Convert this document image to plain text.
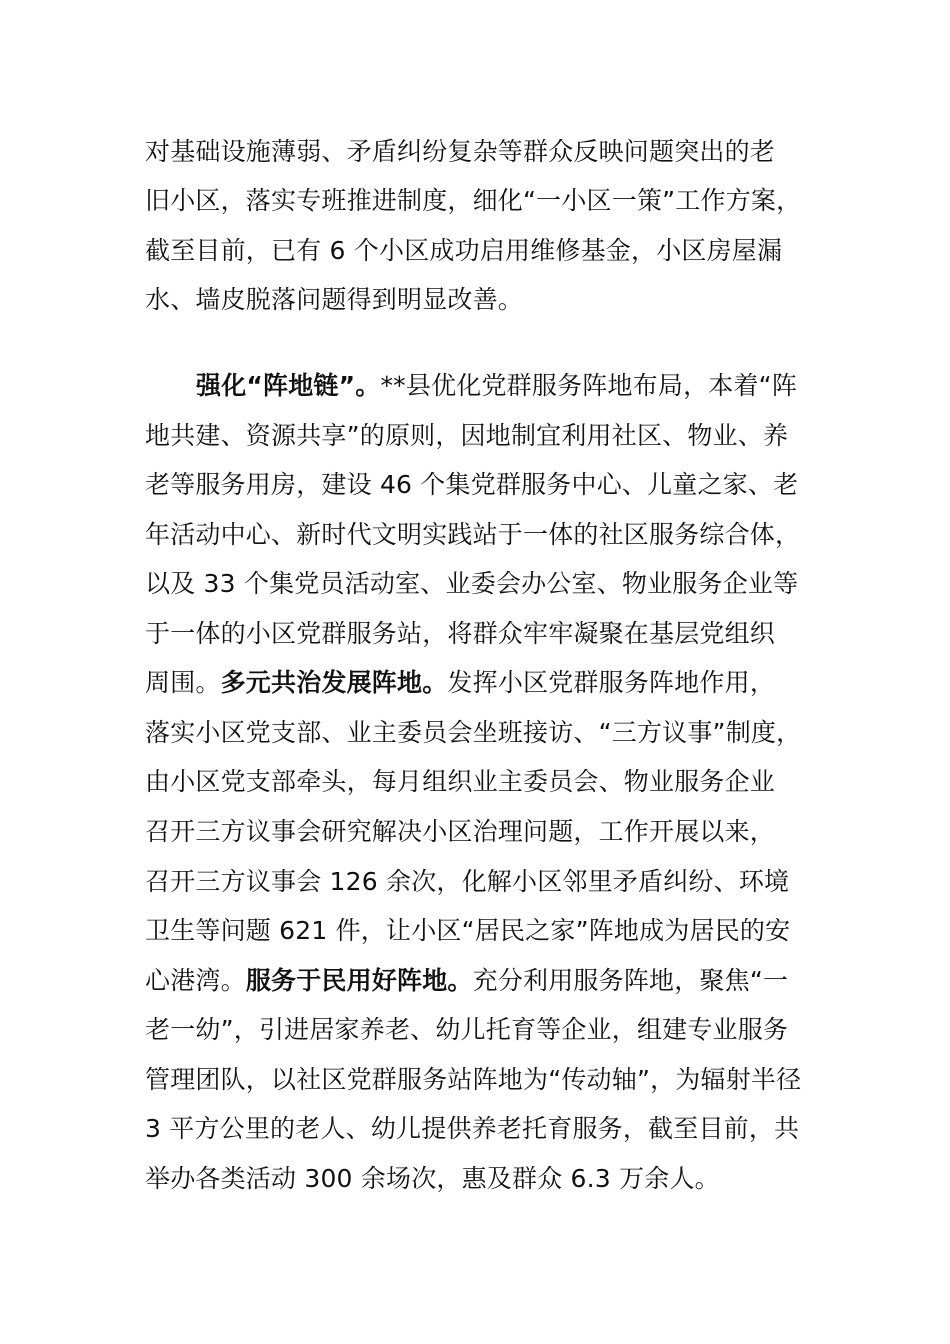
对基础设施薄弱、矛盾纠纷复杂等群众反映问题突出的老
旧小区，落实专班推进制度，细化“一小区一策”工作方案，
截至目前，已有 6 个小区成功启用维修基金，小区房屋漏
水、墙皮脱落问题得到明显改善。
强化“阵地链”。**县优化党群服务阵地布局，本着“阵
地共建、资源共享”的原则，因地制宜利用社区、物业、养
老等服务用房，建设 46 个集党群服务中心、儿童之家、老
年活动中心、新时代文明实践站于一体的社区服务综合体，
以及 33 个集党员活动室、业委会办公室、物业服务企业等
于一体的小区党群服务站，将群众牢牢凝聚在基层党组织
周围。多元共治发展阵地。发挥小区党群服务阵地作用，
落实小区党支部、业主委员会坐班接访、“三方议事”制度，
由小区党支部牵头，每月组织业主委员会、物业服务企业
召开三方议事会研究解决小区治理问题，工作开展以来，
召开三方议事会 126 余次，化解小区邻里矛盾纠纷、环境
卫生等问题 621 件，让小区“居民之家”阵地成为居民的安
心港湾。服务于民用好阵地。充分利用服务阵地，聚焦“一
老一幼”，引进居家养老、幼儿托育等企业，组建专业服务
管理团队，以社区党群服务站阵地为“传动轴”，为辐射半径
3 平方公里的老人、幼儿提供养老托育服务，截至目前，共
举办各类活动 300 余场次，惠及群众 6.3 万余人。
